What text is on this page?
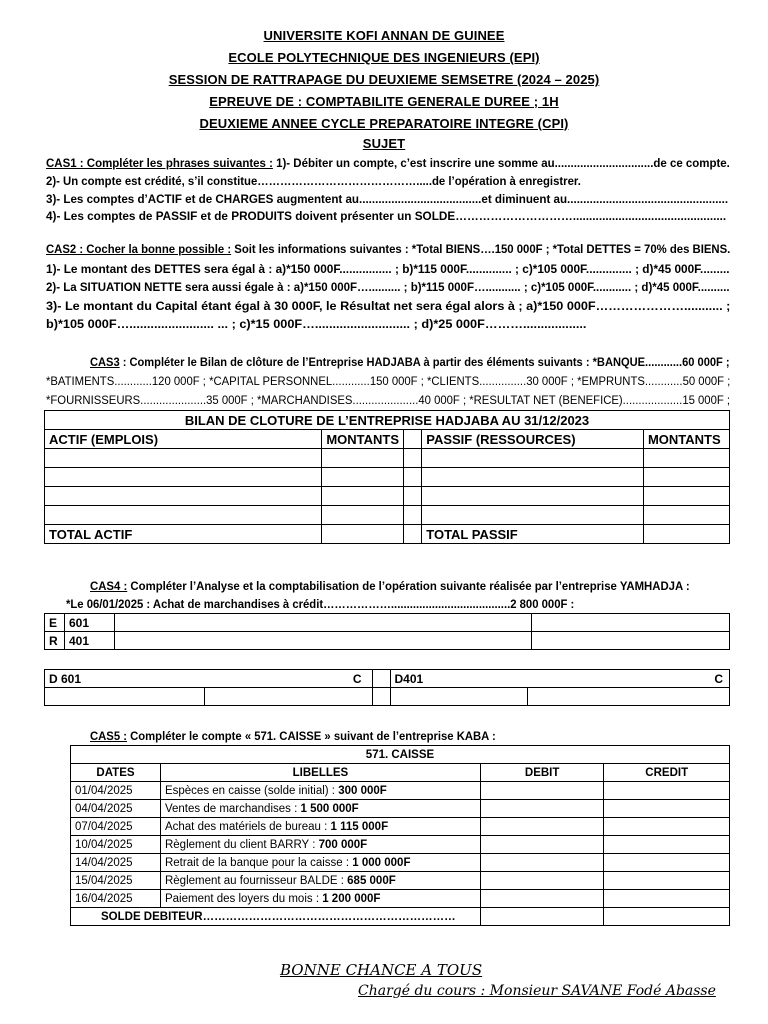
UNIVERSITE KOFI ANNAN DE GUINEE
ECOLE POLYTECHNIQUE DES INGENIEURS (EPI)
SESSION DE RATTRAPAGE DU DEUXIEME SEMSETRE (2024 – 2025)
EPREUVE DE : COMPTABILITE GENERALE DUREE ; 1H
DEUXIEME ANNEE CYCLE PREPARATOIRE INTEGRE (CPI)
SUJET
CAS1 : Compléter les phrases suivantes : 1)- Débiter un compte, c’est inscrire une somme au...............................de ce compte.
2)- Un compte est crédité, s’il constitue…………………………………….....de l’opération à enregistrer.
3)- Les comptes d’ACTIF et de CHARGES augmentent au......................................et diminuent au..................................................
4)- Les comptes de PASSIF et de PRODUITS doivent présenter un SOLDE…………………………...............................................
CAS2 : Cocher la bonne possible : Soit les informations suivantes : *Total BIENS….150 000F ; *Total DETTES = 70% des BIENS.
1)- Le montant des DETTES sera égal à : a)*150 000F................ ; b)*115 000F.............. ; c)*105 000F.............. ; d)*45 000F.........
2)- La SITUATION NETTE sera aussi égale à : a)*150 000F….......... ; b)*115 000F…........... ; c)*105 000F............ ; d)*45 000F..........
3)- Le montant du Capital étant égal à 30 000F, le Résultat net sera égal alors à ; a)*150 000F…………………........... ;
b)*105 000F…........................ ... ; c)*15 000F…........................... ; d)*25 000F………..................
CAS3 : Compléter le Bilan de clôture de l’Entreprise HADJABA à partir des éléments suivants : *BANQUE............60 000F ;
*BATIMENTS............120 000F ; *CAPITAL PERSONNEL............150 000F ; *CLIENTS...............30 000F ; *EMPRUNTS............50 000F ;
*FOURNISSEURS.....................35 000F ; *MARCHANDISES.....................40 000F ; *RESULTAT NET (BENEFICE)...................15 000F ;
BILAN DE CLOTURE DE L’ENTREPRISE HADJABA AU 31/12/2023				
ACTIF (EMPLOIS)	MONTANTS		PASSIF (RESSOURCES)	MONTANTS

TOTAL ACTIF			TOTAL PASSIF	
CAS4 : Compléter l’Analyse et la comptabilisation de l’opération suivante réalisée par l’entreprise YAMHADJA :
*Le 06/01/2025 : Achat de marchandises à crédit………………......................................2 800 000F :
E	601		
R	401		
D 601 C			D401 C	

CAS5 : Compléter le compte « 571. CAISSE » suivant de l’entreprise KABA :
571. CAISSE			
DATES	LIBELLES	DEBIT	CREDIT
01/04/2025	Espèces en caisse (solde initial) : 300 000F		
04/04/2025	Ventes de marchandises : 1 500 000F		
07/04/2025	Achat des matériels de bureau : 1 115 000F		
10/04/2025	Règlement du client BARRY : 700 000F		
14/04/2025	Retrait de la banque pour la caisse : 1 000 000F		
15/04/2025	Règlement au fournisseur BALDE : 685 000F		
16/04/2025	Paiement des loyers du mois : 1 200 000F		
SOLDE DEBITEUR…………………………………………………………			
BONNE CHANCE A TOUS
Chargé du cours : Monsieur SAVANE Fodé Abasse
